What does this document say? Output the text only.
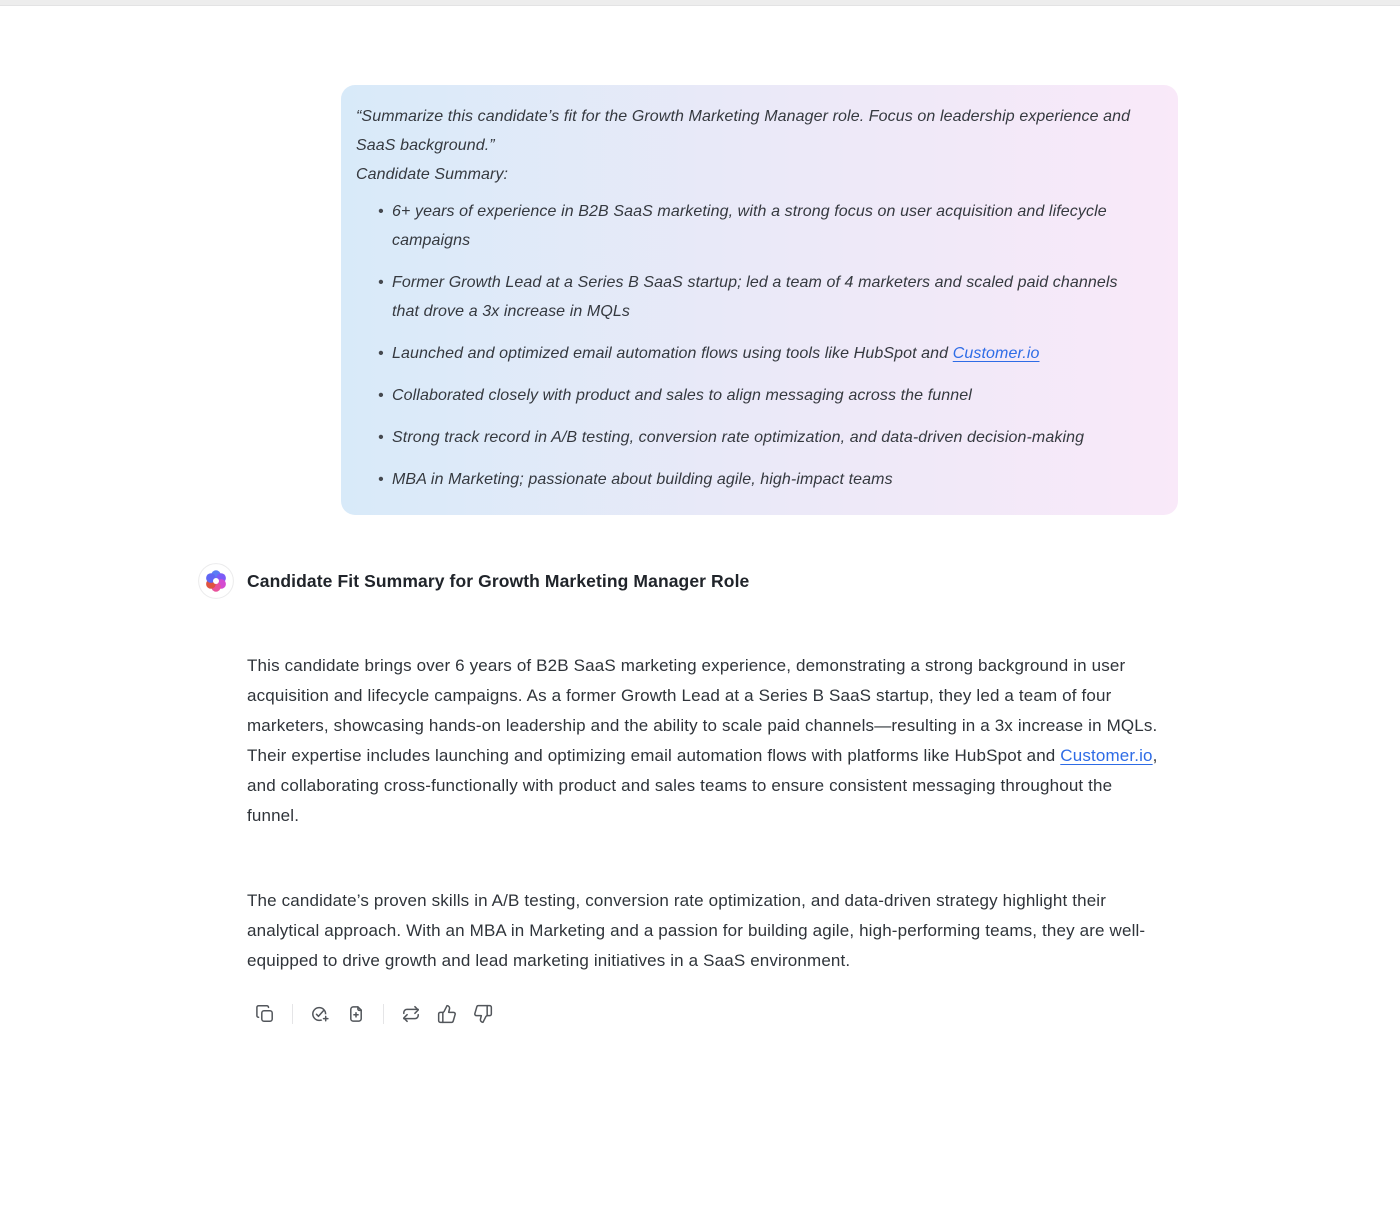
“Summarize this candidate’s fit for the Growth Marketing Manager role. Focus on leadership experience and SaaS background.”
Candidate Summary:
• 6+ years of experience in B2B SaaS marketing, with a strong focus on user acquisition and lifecycle campaigns
• Former Growth Lead at a Series B SaaS startup; led a team of 4 marketers and scaled paid channels that drove a 3x increase in MQLs
• Launched and optimized email automation flows using tools like HubSpot and Customer.io
• Collaborated closely with product and sales to align messaging across the funnel
• Strong track record in A/B testing, conversion rate optimization, and data-driven decision-making
• MBA in Marketing; passionate about building agile, high-impact teams
Candidate Fit Summary for Growth Marketing Manager Role

This candidate brings over 6 years of B2B SaaS marketing experience, demonstrating a strong background in user acquisition and lifecycle campaigns. As a former Growth Lead at a Series B SaaS startup, they led a team of four marketers, showcasing hands-on leadership and the ability to scale paid channels—resulting in a 3x increase in MQLs. Their expertise includes launching and optimizing email automation flows with platforms like HubSpot and Customer.io, and collaborating cross-functionally with product and sales teams to ensure consistent messaging throughout the funnel.

The candidate’s proven skills in A/B testing, conversion rate optimization, and data-driven strategy highlight their analytical approach. With an MBA in Marketing and a passion for building agile, high-performing teams, they are well-equipped to drive growth and lead marketing initiatives in a SaaS environment.
